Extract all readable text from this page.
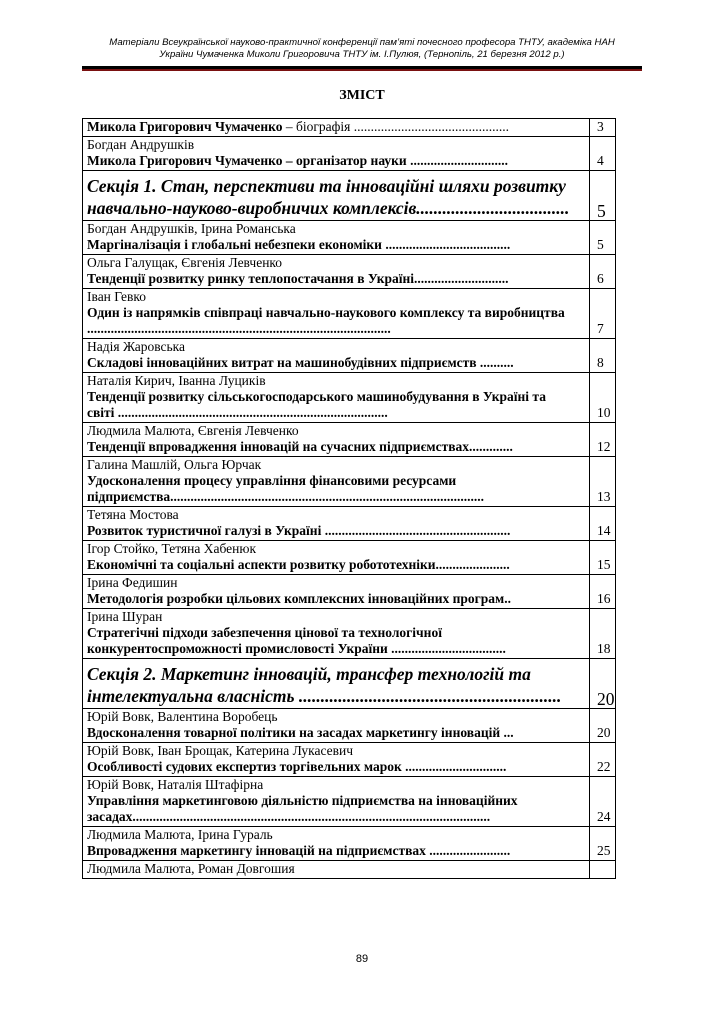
Матеріали Всеукраїнської науково-практичної конференції пам’яті почесного професора ТНТУ, академіка НАН
України Чумаченка Миколи Григоровича ТНТУ ім. І.Пулюя, (Тернопіль, 21 березня 2012 р.)
ЗМІСТ
Микола Григорович Чумаченко – біографія ..............................................	3

Богдан Андрушків
Микола Григорович Чумаченко – організатор науки .............................	4

Секція 1. Стан, перспективи та інноваційні шляхи розвитку навчально-науково-виробничих комплексів...................................	5

Богдан Андрушків, Ірина Романська
Маргіналізація і глобальні небезпеки економіки .....................................	5

Ольга Галущак, Євгенія Левченко
Тенденції розвитку ринку теплопостачання в Україні............................	6

Іван Гевко
Один із напрямків співпраці навчально-наукового комплексу та виробництва ..........................................................................................	7

Надія Жаровська
Складові інноваційних витрат на машинобудівних підприємств ..........	8

Наталія Кирич, Іванна Луциків
Тенденції розвитку сільськогосподарського машинобудування в Україні та світі ................................................................................	10

Людмила Малюта, Євгенія Левченко
Тенденції впровадження інновацій на сучасних підприємствах.............	12

Галина Машлій, Ольга Юрчак
Удосконалення процесу управління фінансовими ресурсами підприємства.............................................................................................	13

Тетяна Мостова
Розвиток туристичної галузі в Україні .......................................................	14

Ігор Стойко, Тетяна Хабенюк
Економічні та соціальні аспекти розвитку робототехніки......................	15

Ірина Федишин
Методологія розробки цільових комплексних інноваційних програм..	16

Ірина Шуран
Стратегічні підходи забезпечення цінової та технологічної конкурентоспроможності промисловості України ..................................	18

Секція 2. Маркетинг інновацій, трансфер технологій та інтелектуальна власність ............................................................	20

Юрій Вовк, Валентина Воробець
Вдосконалення товарної політики на засадах маркетингу інновацій ...	20

Юрій Вовк, Іван Брощак, Катерина Лукасевич
Особливості судових експертиз торгівельних марок ..............................	22

Юрій Вовк, Наталія Штафірна
Управління маркетинговою діяльністю підприємства на інноваційних засадах..........................................................................................................	24

Людмила Малюта, Ірина Гураль
Впровадження маркетингу інновацій на підприємствах ........................	25

Людмила Малюта, Роман Довгошия	

89
